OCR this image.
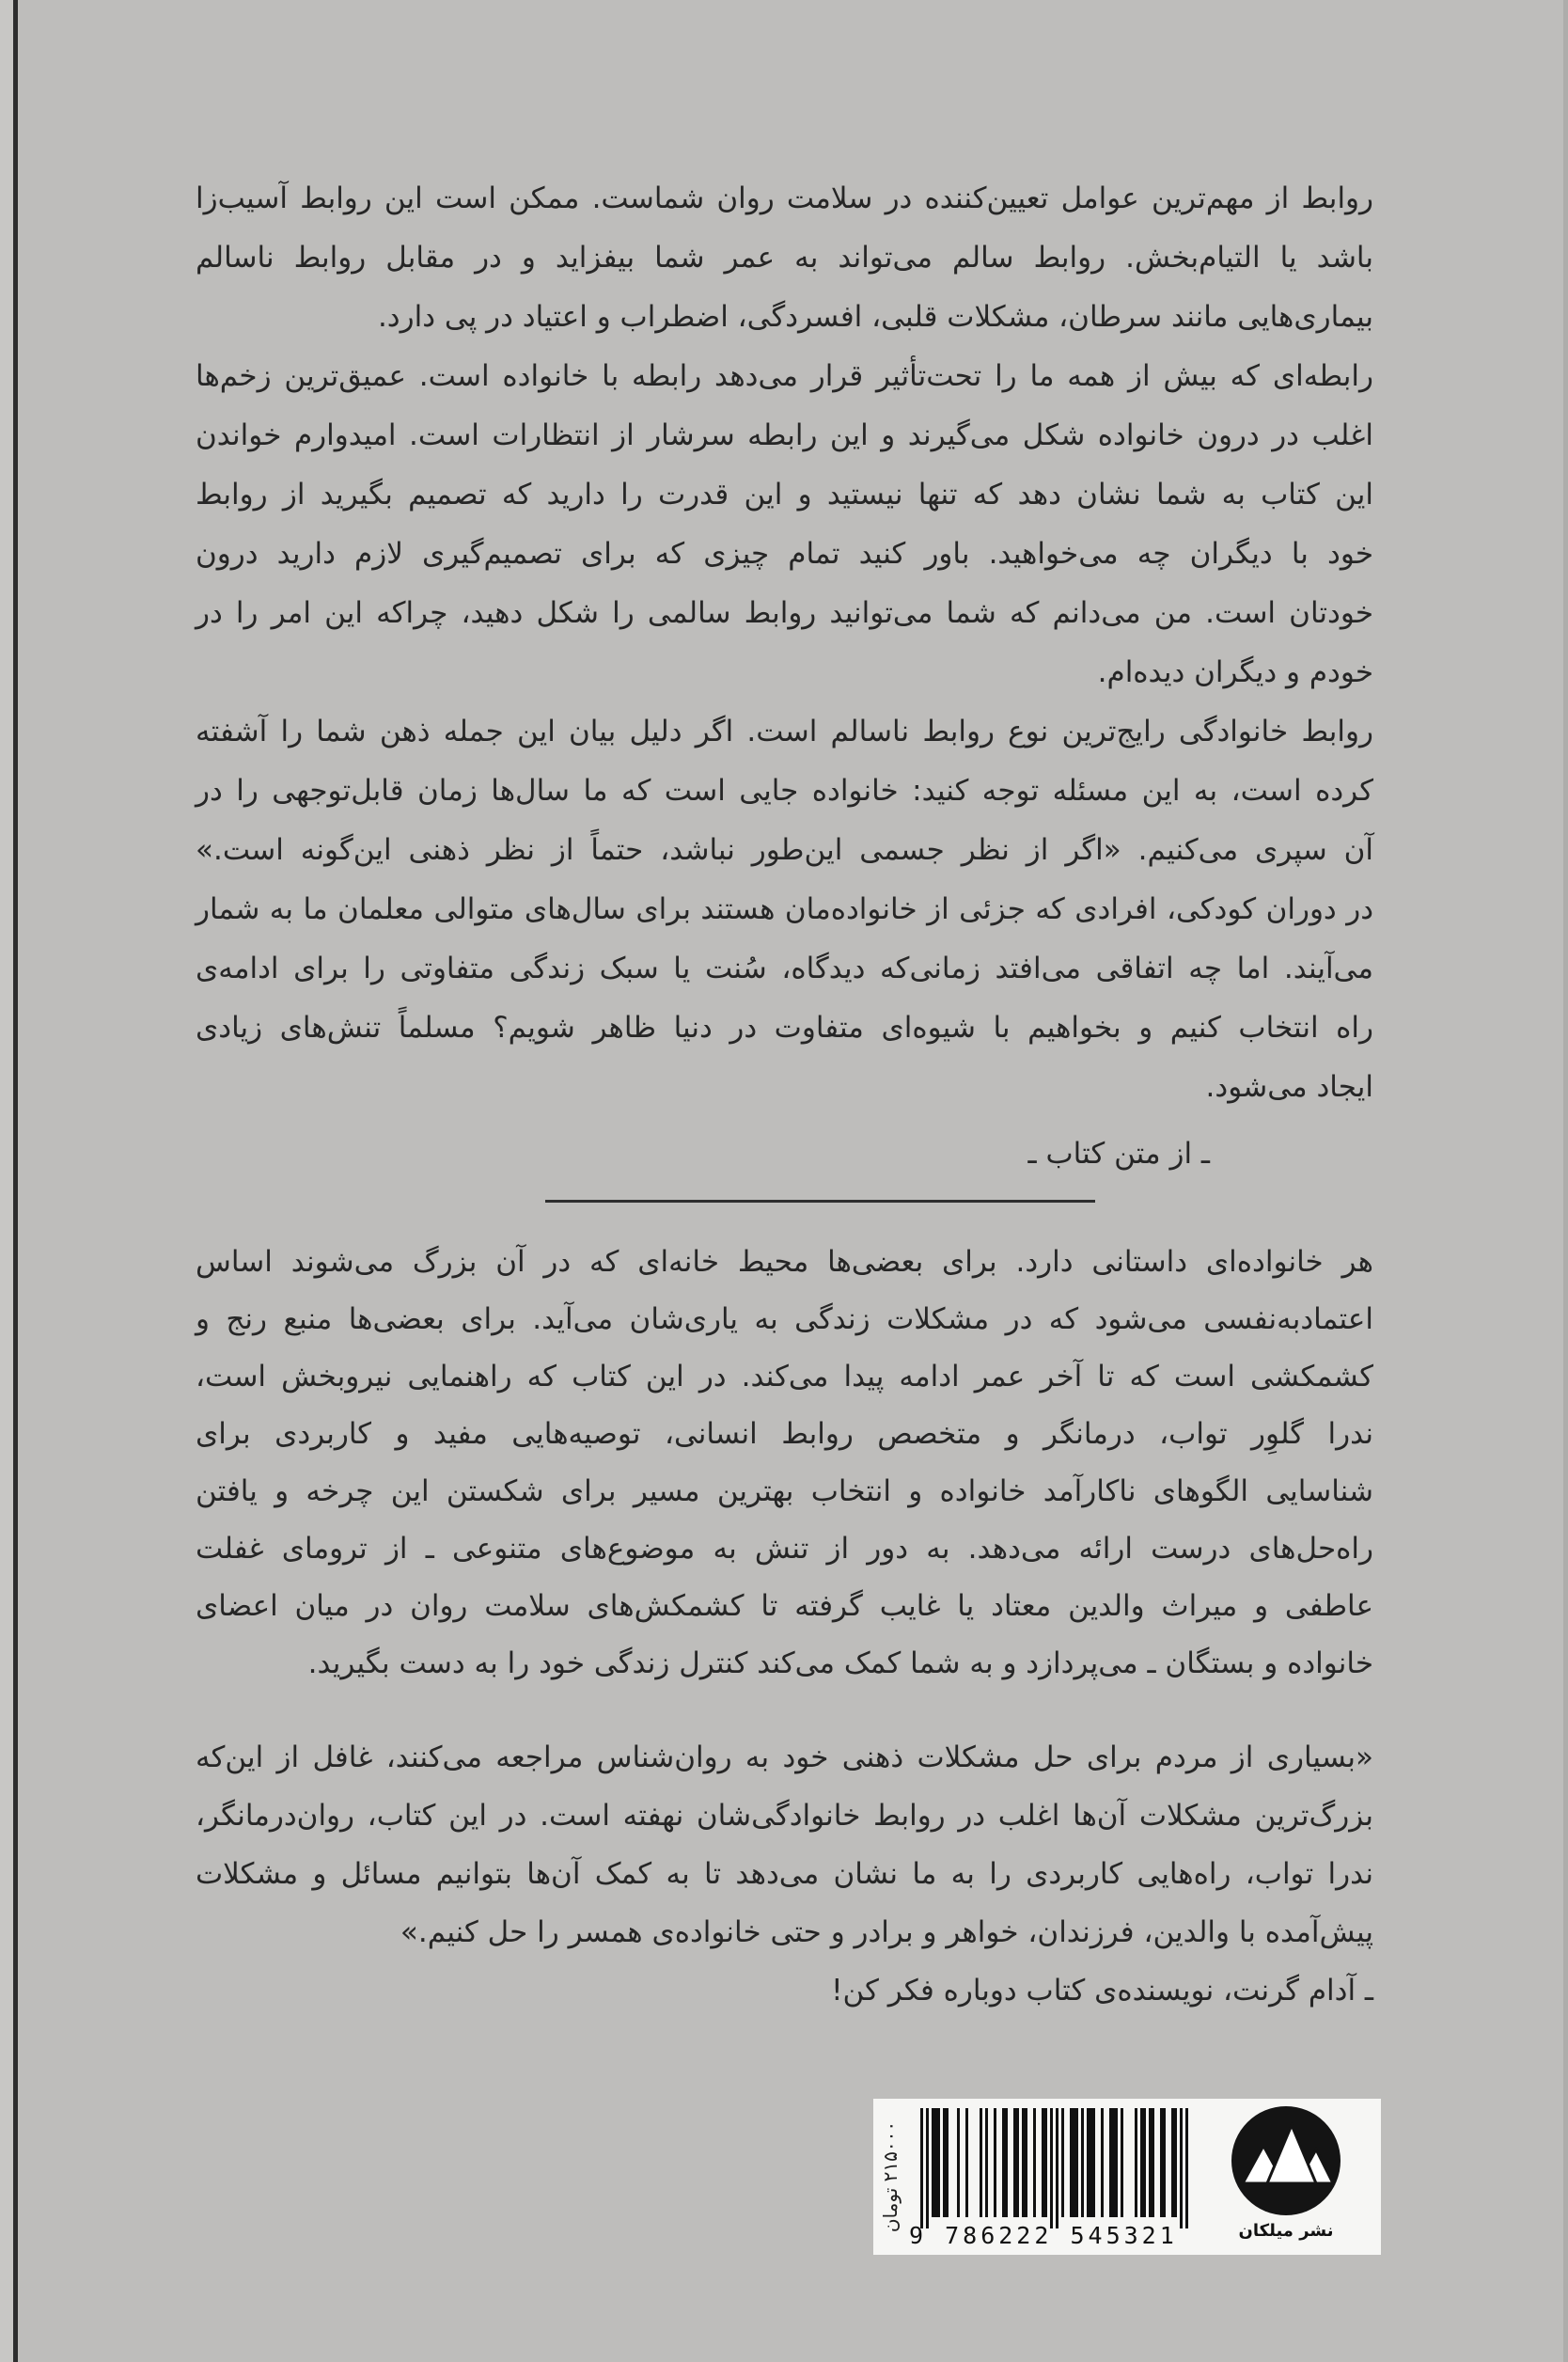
روابط از مهم‌ترین عوامل تعیین‌کننده در سلامت روان شماست. ممکن است این روابط آسیب‌زا
باشد یا التیام‌بخش. روابط سالم می‌تواند به عمر شما بیفزاید و در مقابل روابط ناسالم
بیماری‌هایی مانند سرطان، مشکلات قلبی، افسردگی، اضطراب و اعتیاد در پی دارد.
رابطه‌ای که بیش از همه ما را تحت‌تأثیر قرار می‌دهد رابطه با خانواده است. عمیق‌ترین زخم‌ها
اغلب در درون خانواده شکل می‌گیرند و این رابطه سرشار از انتظارات است. امیدوارم خواندن
این کتاب به شما نشان دهد که تنها نیستید و این قدرت را دارید که تصمیم بگیرید از روابط
خود با دیگران چه می‌خواهید. باور کنید تمام چیزی که برای تصمیم‌گیری لازم دارید درون
خودتان است. من می‌دانم که شما می‌توانید روابط سالمی را شکل دهید، چراکه این امر را در
خودم و دیگران دیده‌ام.
روابط خانوادگی رایج‌ترین نوع روابط ناسالم است. اگر دلیل بیان این جمله ذهن شما را آشفته
کرده است، به این مسئله توجه کنید: خانواده جایی است که ما سال‌ها زمان قابل‌توجهی را در
آن سپری می‌کنیم. «اگر از نظر جسمی این‌طور نباشد، حتماً از نظر ذهنی این‌گونه است.»
در دوران کودکی، افرادی که جزئی از خانواده‌مان هستند برای سال‌های متوالی معلمان ما به شمار
می‌آیند. اما چه اتفاقی می‌افتد زمانی‌که دیدگاه، سُنت یا سبک زندگی متفاوتی را برای ادامه‌ی
راه انتخاب کنیم و بخواهیم با شیوه‌ای متفاوت در دنیا ظاهر شویم؟ مسلماً تنش‌های زیادی
ایجاد می‌شود.
ـ از متن کتاب ـ
هر خانواده‌ای داستانی دارد. برای بعضی‌ها محیط خانه‌ای که در آن بزرگ می‌شوند اساس
اعتمادبه‌نفسی می‌شود که در مشکلات زندگی به یاری‌شان می‌آید. برای بعضی‌ها منبع رنج و
کشمکشی است که تا آخر عمر ادامه پیدا می‌کند. در این کتاب که راهنمایی نیروبخش است،
ندرا گلوِر تواب، درمانگر و متخصص روابط انسانی، توصیه‌هایی مفید و کاربردی برای
شناسایی الگوهای ناکارآمد خانواده و انتخاب بهترین مسیر برای شکستن این چرخه و یافتن
راه‌حل‌های درست ارائه می‌دهد. به دور از تنش به موضوع‌های متنوعی ـ از ترومای غفلت
عاطفی و میراث والدین معتاد یا غایب گرفته تا کشمکش‌های سلامت روان در میان اعضای
خانواده و بستگان ـ می‌پردازد و به شما کمک می‌کند کنترل زندگی خود را به دست بگیرید.
«بسیاری از مردم برای حل مشکلات ذهنی خود به روان‌شناس مراجعه می‌کنند، غافل از این‌که
بزرگ‌ترین مشکلات آن‌ها اغلب در روابط خانوادگی‌شان نهفته است. در این کتاب، روان‌درمانگر،
ندرا تواب، راه‌هایی کاربردی را به ما نشان می‌دهد تا به کمک آن‌ها بتوانیم مسائل و مشکلات
پیش‌آمده با والدین، فرزندان، خواهر و برادر و حتی خانواده‌ی همسر را حل کنیم.»
ـ آدام گرنت، نویسنده‌ی کتاب دوباره فکر کن!
۲۱۵۰۰۰ تومان
9 786222 545321	نشر میلکان
